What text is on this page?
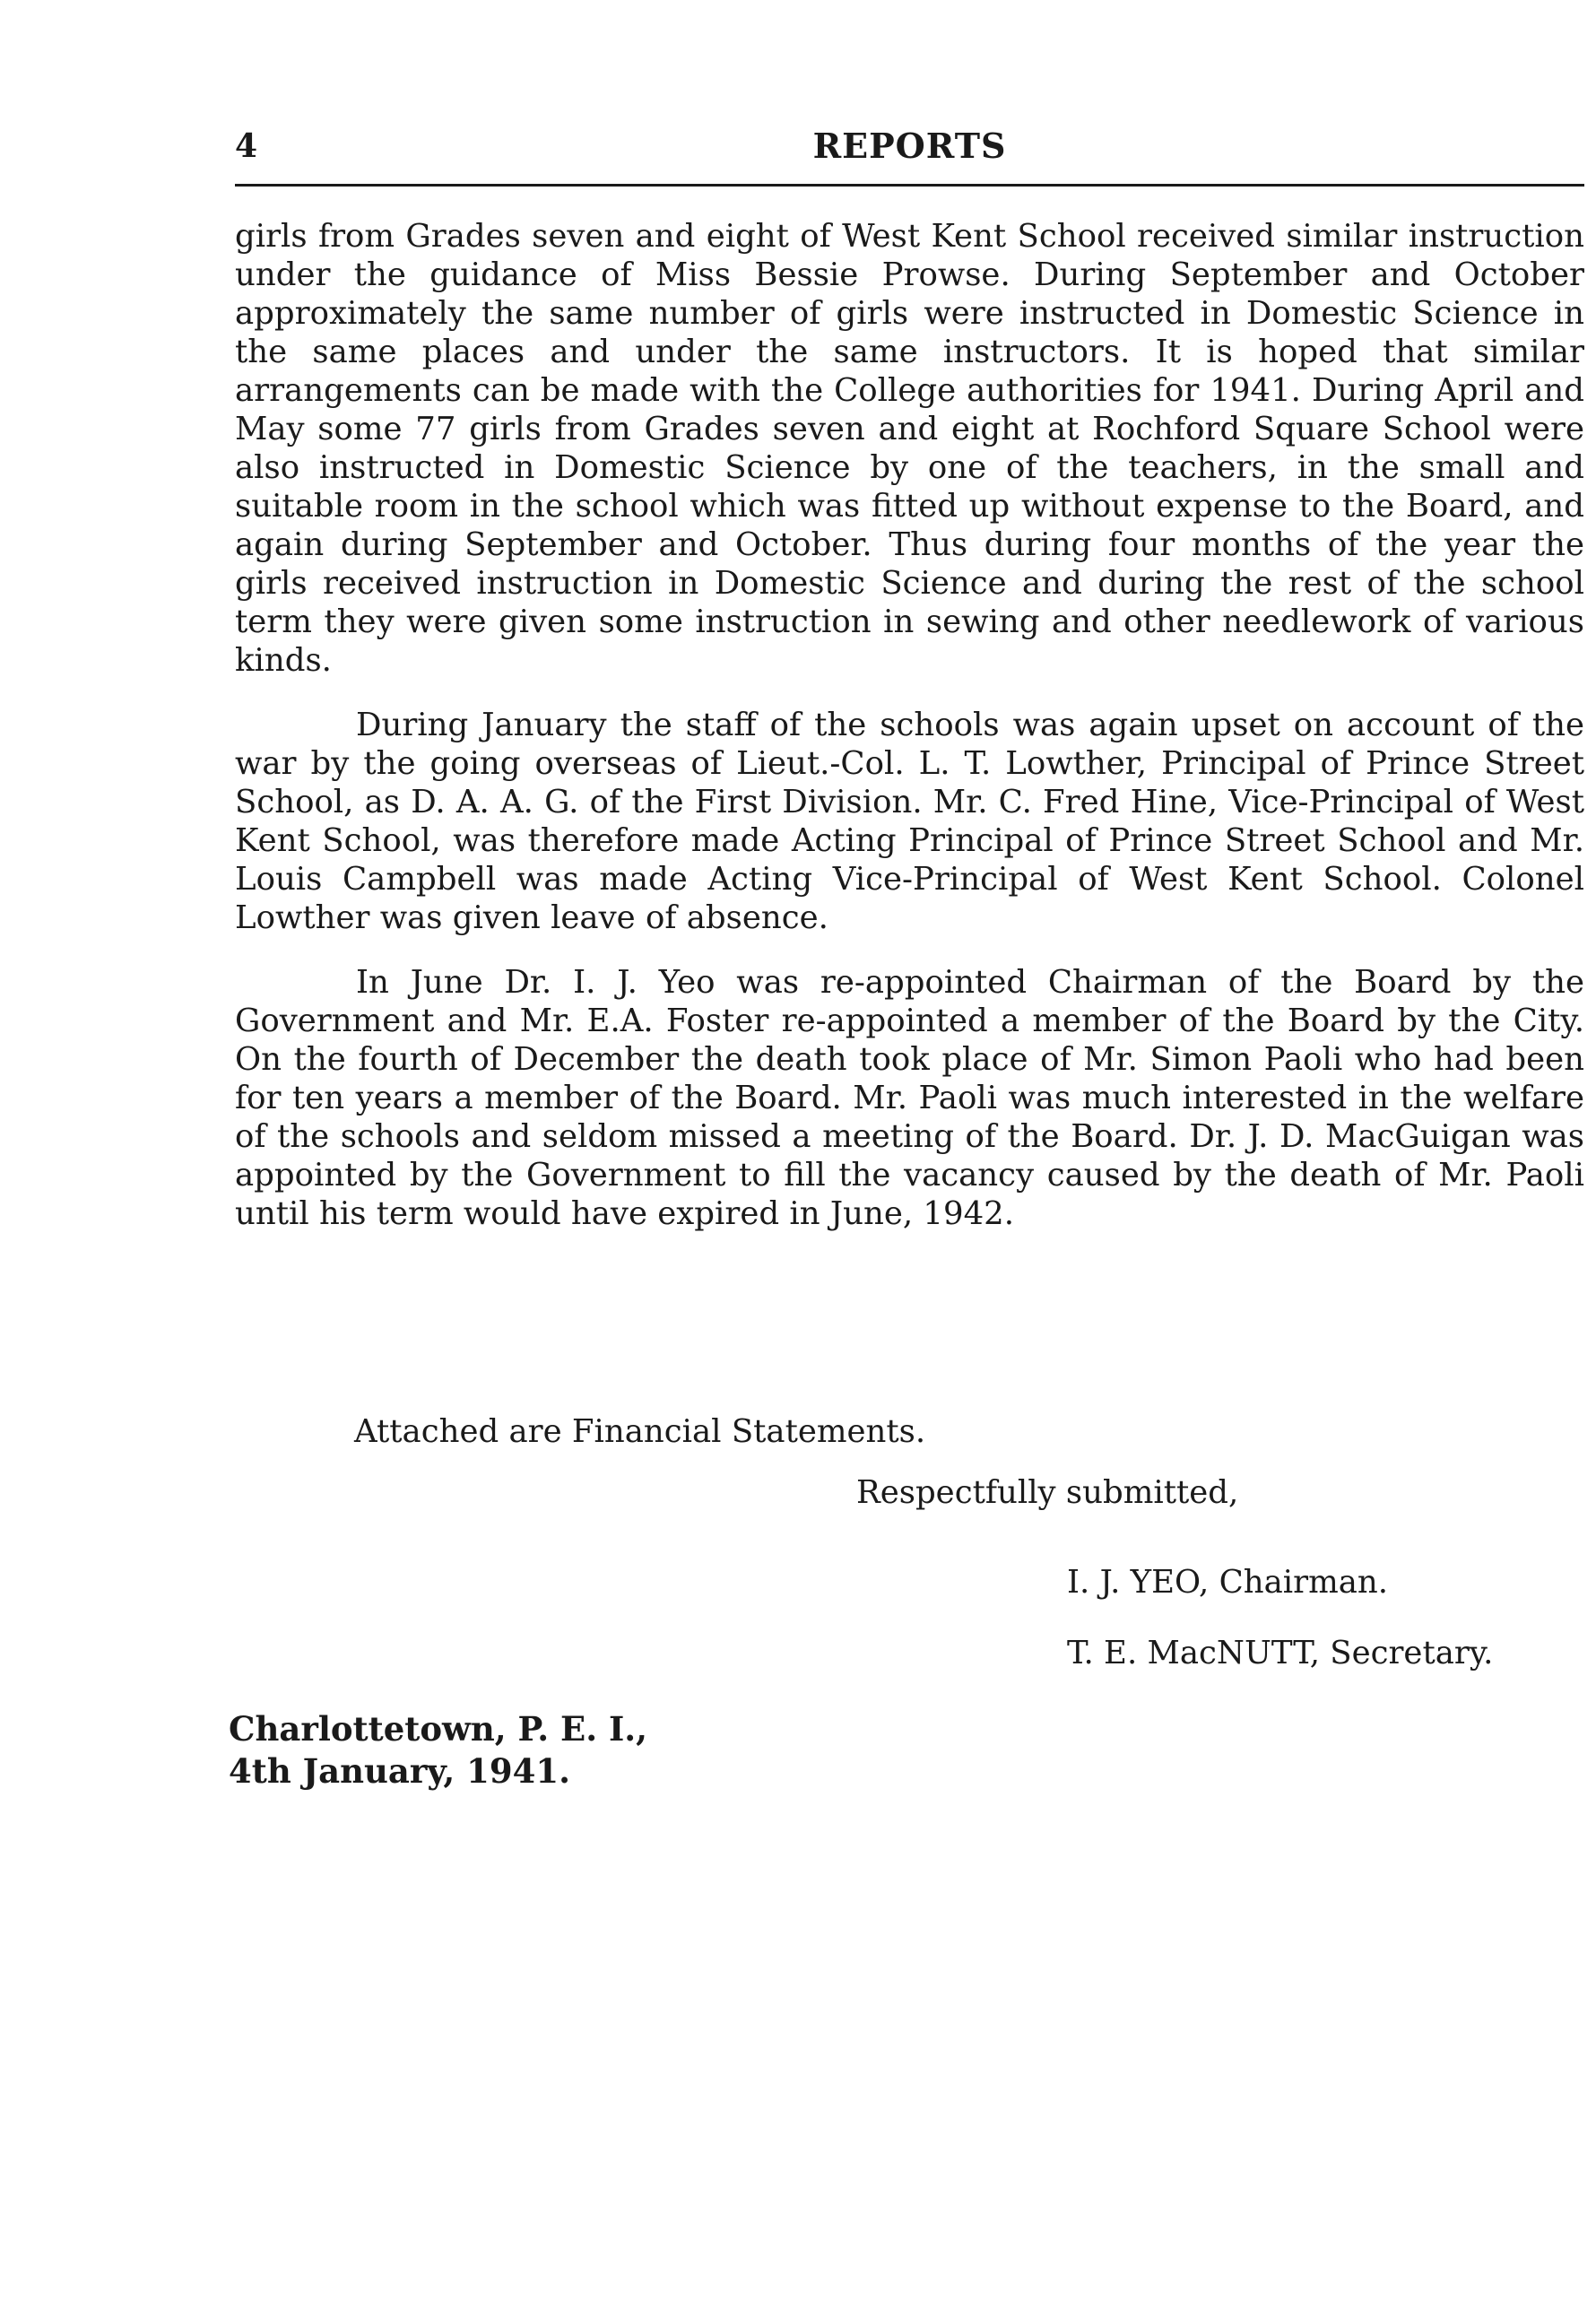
4	REPORTS

girls from Grades seven and eight of West Kent School received similar instruction under the guidance of Miss Bessie Prowse. During September and October approximately the same number of girls were instructed in Domestic Science in the same places and under the same instructors. It is hoped that similar arrangements can be made with the College authorities for 1941. During April and May some 77 girls from Grades seven and eight at Rochford Square School were also instructed in Domestic Science by one of the teachers, in the small and suitable room in the school which was fitted up without expense to the Board, and again during September and October. Thus during four months of the year the girls received instruction in Domestic Science and during the rest of the school term they were given some instruction in sewing and other needlework of various kinds.

During January the staff of the schools was again upset on account of the war by the going overseas of Lieut.-Col. L. T. Lowther, Principal of Prince Street School, as D. A. A. G. of the First Division. Mr. C. Fred Hine, Vice-Principal of West Kent School, was therefore made Acting Principal of Prince Street School and Mr. Louis Campbell was made Acting Vice-Principal of West Kent School. Colonel Lowther was given leave of absence.

In June Dr. I. J. Yeo was re-appointed Chairman of the Board by the Government and Mr. E.A. Foster re-appointed a member of the Board by the City. On the fourth of December the death took place of Mr. Simon Paoli who had been for ten years a member of the Board. Mr. Paoli was much interested in the welfare of the schools and seldom missed a meeting of the Board. Dr. J. D. MacGuigan was appointed by the Government to fill the vacancy caused by the death of Mr. Paoli until his term would have expired in June, 1942.

Attached are Financial Statements.
Respectfully submitted,
I. J. YEO, Chairman.
T. E. MacNUTT, Secretary.
Charlottetown, P. E. I.,
4th January, 1941.
